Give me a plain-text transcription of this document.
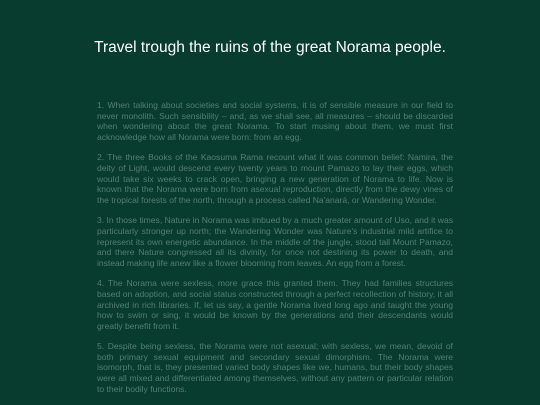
Travel trough the ruins of the great Norama people.

1. When talking about societies and social systems, it is of sensible measure in our field to never monolith. Such sensibility – and, as we shall see, all measures – should be discarded when wondering about the great Norama. To start musing about them, we must first acknowledge how all Norama were born: from an egg.

2. The three Books of the Kaosuma Rama recount what it was common belief: Namira, the deity of Light, would descend every twenty years to mount Pamazo to lay their eggs, which would take six weeks to crack open, bringing a new generation of Norama to life. Now is known that the Norama were born from asexual reproduction, directly from the dewy vines of the tropical forests of the north, through a process called Na'anará, or Wandering Wonder.

3. In those times, Nature in Norama was imbued by a much greater amount of Uso, and it was particularly stronger up north; the Wandering Wonder was Nature's industrial mild artifice to represent its own energetic abundance. In the middle of the jungle, stood tall Mount Pamazo, and there Nature congressed all its divinity, for once not destining its power to death, and instead making life anew like a flower blooming from leaves. An egg from a forest.

4. The Norama were sexless, more grace this granted them. They had families structures based on adoption, and social status constructed through a perfect recollection of history, it all archived in rich libraries. If, let us say, a gentle Norama lived long ago and taught the young how to swim or sing, it would be known by the generations and their descendants would greatly benefit from it.

5. Despite being sexless, the Norama were not asexual; with sexless, we mean, devoid of both primary sexual equipment and secondary sexual dimorphism. The Norama were isomorph, that is, they presented varied body shapes like we, humans, but their body shapes were all mixed and differentiated among themselves, without any pattern or particular relation to their bodily functions.
